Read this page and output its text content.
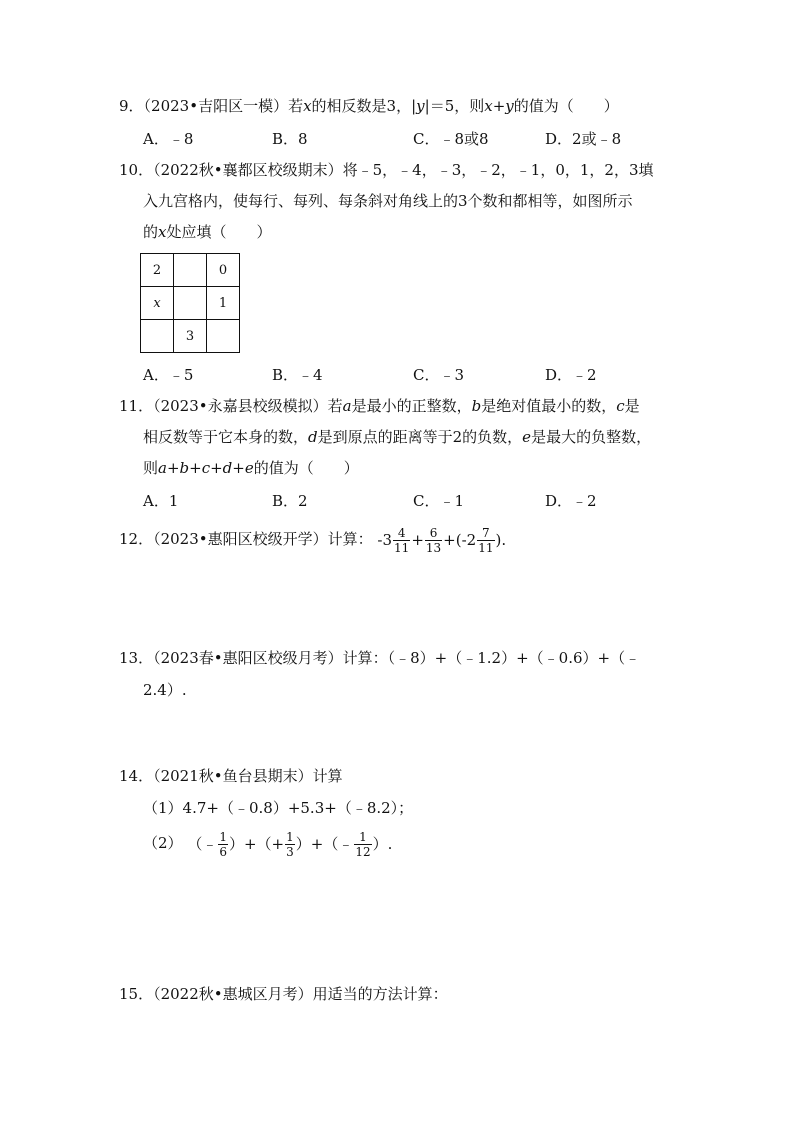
9．（2023•吉阳区一模）若x的相反数是3，|y|＝5，则x+y的值为（　　）
A．﹣8	B．8	C．﹣8或8	D．2或﹣8
10．（2022秋•襄都区校级期末）将﹣5，﹣4，﹣3，﹣2，﹣1，0，1，2，3填
入九宫格内，使每行、每列、每条斜对角线上的3个数和都相等，如图所示
的x处应填（　　）
2		0
x		1
	3	
A．﹣5	B．﹣4	C．﹣3	D．﹣2
11．（2023•永嘉县校级模拟）若a是最小的正整数，b是绝对值最小的数，c是
相反数等于它本身的数，d是到原点的距离等于2的负数，e是最大的负整数，
则a+b+c+d+e的值为（　　）
A．1	B．2	C．﹣1	D．﹣2
12．（2023•惠阳区校级开学）计算： $-3 \frac{4}{11} + \frac{6}{13} +(-2 \frac{7}{11}$ ).
13．（2023春•惠阳区校级月考）计算：（﹣8）+（﹣1.2）+（﹣0.6）+（﹣
2.4）.
14．（2021秋•鱼台县期末）计算
（1）4.7+（﹣0.8）+5.3+（﹣8.2）；
（2） （﹣ $\frac{1}{6}$ ）+（+ $\frac{1}{3}$ ）+（﹣ $\frac{1}{12}$ ）.
15．（2022秋•惠城区月考）用适当的方法计算：
